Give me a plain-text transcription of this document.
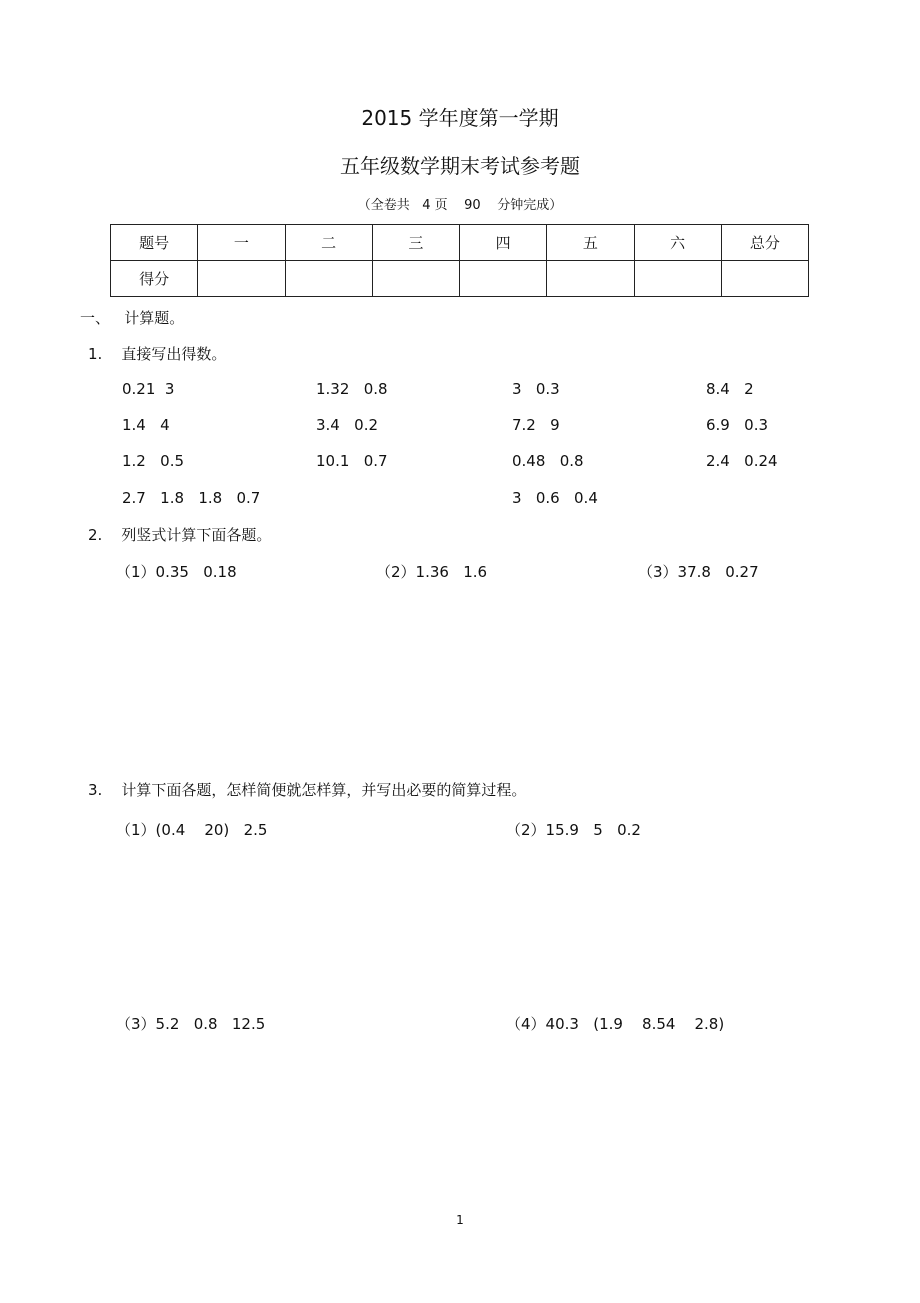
2015 学年度第一学期
五年级数学期末考试参考题
（全卷共   4 页    90    分钟完成）
题号	一	二	三	四	五	六	总分
得分							
一、   计算题。
1.    直接写出得数。
0.21  3	1.32   0.8	3   0.3	8.4   2
1.4   4	3.4   0.2	7.2   9	6.9   0.3
1.2   0.5	10.1   0.7	0.48   0.8	2.4   0.24
2.7   1.8   1.8   0.7	3   0.6   0.4
2.    列竖式计算下面各题。
（1）0.35   0.18	（2）1.36   1.6	（3）37.8   0.27
3.    计算下面各题，怎样简便就怎样算，并写出必要的简算过程。
（1）(0.4    20)   2.5	（2）15.9   5   0.2
（3）5.2   0.8   12.5	（4）40.3   (1.9    8.54    2.8)
1
